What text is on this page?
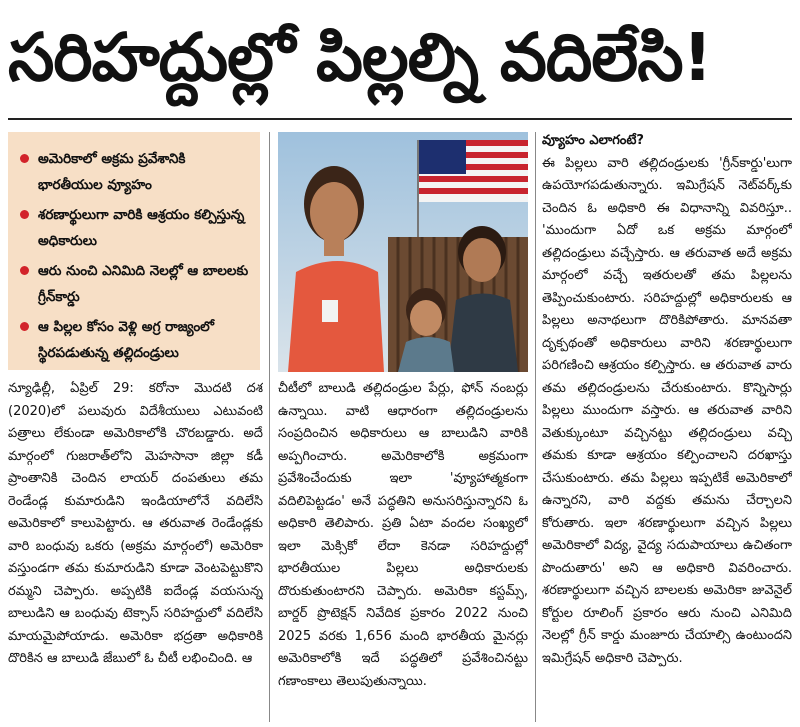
సరిహద్దుల్లో పిల్లల్ని వదిలేసి!
అమెరికాలో అక్రమ ప్రవేశానికి భారతీయుల వ్యూహం
శరణార్థులుగా వారికి ఆశ్రయం కల్పిస్తున్న అధికారులు
ఆరు నుంచి ఎనిమిది నెలల్లో ఆ బాలలకు గ్రీన్‌కార్డు
ఆ పిల్లల కోసం వెళ్లి అగ్ర రాజ్యంలో స్థిరపడుతున్న తల్లిదండ్రులు
న్యూఢిల్లీ, ఏప్రిల్ 29: కరోనా మొదటి దశ (2020)లో పలువురు విదేశీయులు ఎటువంటి పత్రాలు లేకుండా అమెరికాలోకి చొరబడ్డారు. అదే మార్గంలో గుజరాత్‌లోని మెహసానా జిల్లా కడీ ప్రాంతానికి చెందిన లాయర్ దంపతులు తమ రెండేండ్ల కుమారుడిని ఇండియాలోనే వదిలేసి అమెరికాలో కాలుపెట్టారు. ఆ తరువాత రెండేండ్లకు వారి బంధువు ఒకరు (అక్రమ మార్గంలో) అమెరికా వస్తుండగా తమ కుమారుడిని కూడా వెంటపెట్టుకొని రమ్మని చెప్పారు. అప్పటికి ఐదేండ్ల వయసున్న బాలుడిని ఆ బంధువు టెక్సాస్ సరిహద్దులో వదిలేసి మాయమైపోయాడు. అమెరికా భద్రతా అధికారికి దొరికిన ఆ బాలుడి జేబులో ఓ చీటీ లభించింది. ఆ
చీటీలో బాలుడి తల్లిదండ్రుల పేర్లు, ఫోన్ నంబర్లు ఉన్నాయి. వాటి ఆధారంగా తల్లిదండ్రులను సంప్రదించిన అధికారులు ఆ బాలుడిని వారికి అప్పగించారు. అమెరికాలోకి అక్రమంగా ప్రవేశించేందుకు ఇలా 'వ్యూహాత్మకంగా వదిలిపెట్టడం' అనే పద్ధతిని అనుసరిస్తున్నారని ఓ అధికారి తెలిపారు. ప్రతి ఏటా వందల సంఖ్యలో ఇలా మెక్సికో లేదా కెనడా సరిహద్దుల్లో భారతీయుల పిల్లలు అధికారులకు దొరుకుతుంటారని చెప్పారు. అమెరికా కస్టమ్స్, బార్డర్ ప్రొటెక్షన్ నివేదిక ప్రకారం 2022 నుంచి 2025 వరకు 1,656 మంది భారతీయ మైనర్లు అమెరికాలోకి ఇదే పద్ధతిలో ప్రవేశించినట్టు గణాంకాలు తెలుపుతున్నాయి.
వ్యూహం ఎలాగంటే?
ఈ పిల్లలు వారి తల్లిదండ్రులకు 'గ్రీన్‌కార్డు'లుగా ఉపయోగపడుతున్నారు. ఇమిగ్రేషన్ నెట్‌వర్క్‌కు చెందిన ఓ అధికారి ఈ విధానాన్ని వివరిస్తూ.. 'ముందుగా ఏదో ఒక అక్రమ మార్గంలో తల్లిదండ్రులు వచ్చేస్తారు. ఆ తరువాత అదే అక్రమ మార్గంలో వచ్చే ఇతరులతో తమ పిల్లలను తెప్పించుకుంటారు. సరిహద్దుల్లో అధికారులకు ఆ పిల్లలు అనాథలుగా దొరికిపోతారు. మానవతా దృక్పథంతో అధికారులు వారిని శరణార్థులుగా పరిగణించి ఆశ్రయం కల్పిస్తారు. ఆ తరువాత వారు తమ తల్లిదండ్రులను చేరుకుంటారు. కొన్నిసార్లు పిల్లలు ముందుగా వస్తారు. ఆ తరువాత వారిని వెతుక్కుంటూ వచ్చినట్టు తల్లిదండ్రులు వచ్చి తమకు కూడా ఆశ్రయం కల్పించాలని దరఖాస్తు చేసుకుంటారు. తమ పిల్లలు ఇప్పటికే అమెరికాలో ఉన్నారని, వారి వద్దకు తమను చేర్చాలని కోరుతారు. ఇలా శరణార్థులుగా వచ్చిన పిల్లలు అమెరికాలో విద్య, వైద్య సదుపాయాలు ఉచితంగా పొందుతారు' అని ఆ అధికారి వివరించారు. శరణార్థులుగా వచ్చిన బాలలకు అమెరికా జువెనైల్ కోర్టుల రూలింగ్ ప్రకారం ఆరు నుంచి ఎనిమిది నెలల్లో గ్రీన్ కార్డు మంజూరు చేయాల్సి ఉంటుందని ఇమిగ్రేషన్ అధికారి చెప్పారు.
